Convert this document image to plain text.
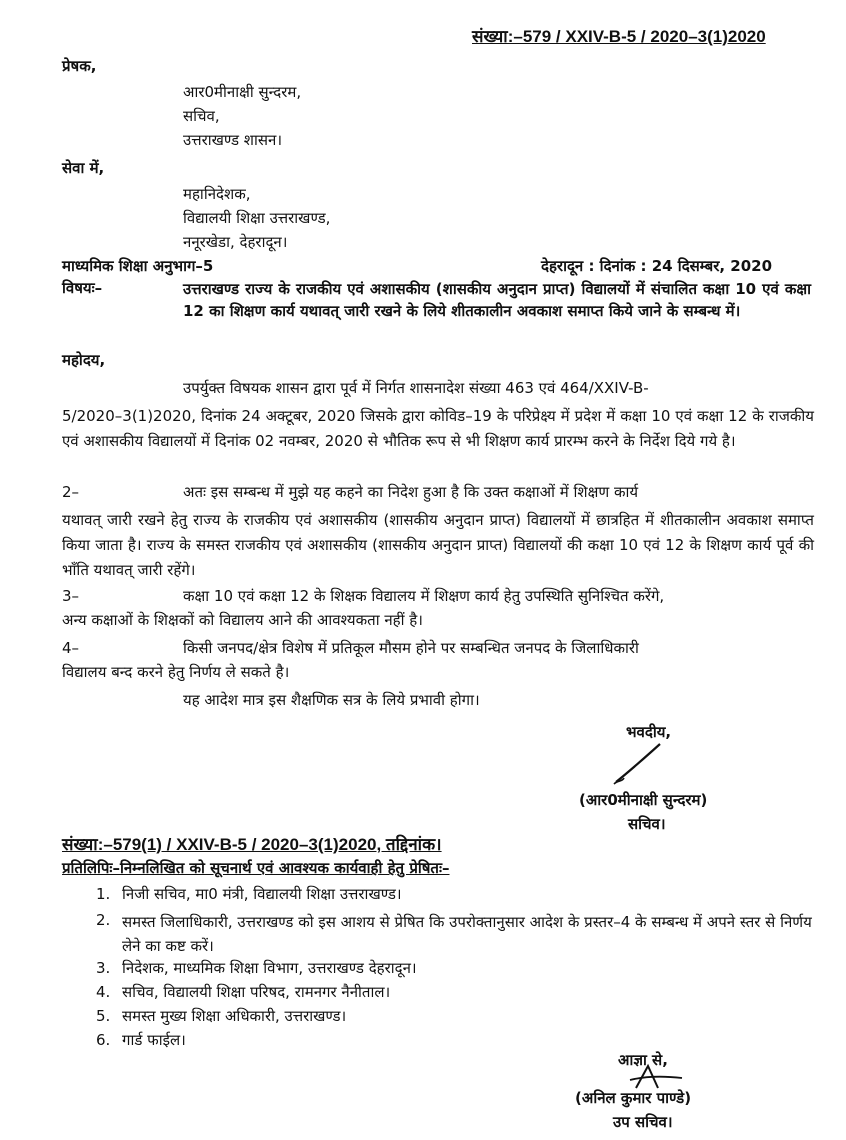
संख्या:–579 / XXIV-B-5 / 2020–3(1)2020
प्रेषक,
आर0मीनाक्षी सुन्दरम,
सचिव,
उत्तराखण्ड शासन।
सेवा में,
महानिदेशक,
विद्यालयी शिक्षा उत्तराखण्ड,
ननूरखेडा, देहरादून।
माध्यमिक शिक्षा अनुभाग–5	देहरादून : दिनांक : 24 दिसम्बर, 2020
विषयः–	उत्तराखण्ड राज्य के राजकीय एवं अशासकीय (शासकीय अनुदान प्राप्त) विद्यालयों में संचालित कक्षा 10 एवं कक्षा 12 का शिक्षण कार्य यथावत् जारी रखने के लिये शीतकालीन अवकाश समाप्त किये जाने के सम्बन्ध में।
महोदय,
उपर्युक्त विषयक शासन द्वारा पूर्व में निर्गत शासनादेश संख्या 463 एवं 464/XXIV-B-
5/2020–3(1)2020, दिनांक 24 अक्टूबर, 2020 जिसके द्वारा कोविड–19 के परिप्रेक्ष्य में प्रदेश में कक्षा 10 एवं कक्षा 12 के राजकीय एवं अशासकीय विद्यालयों में दिनांक 02 नवम्बर, 2020 से भौतिक रूप से भी शिक्षण कार्य प्रारम्भ करने के निर्देश दिये गये है।
2–	अतः इस सम्बन्ध में मुझे यह कहने का निदेश हुआ है कि उक्त कक्षाओं में शिक्षण कार्य
यथावत् जारी रखने हेतु राज्य के राजकीय एवं अशासकीय (शासकीय अनुदान प्राप्त) विद्यालयों में छात्रहित में शीतकालीन अवकाश समाप्त किया जाता है। राज्य के समस्त राजकीय एवं अशासकीय (शासकीय अनुदान प्राप्त) विद्यालयों की कक्षा 10 एवं 12 के शिक्षण कार्य पूर्व की भाँति यथावत् जारी रहेंगे।
3–	कक्षा 10 एवं कक्षा 12 के शिक्षक विद्यालय में शिक्षण कार्य हेतु उपस्थिति सुनिश्चित करेंगे,
अन्य कक्षाओं के शिक्षकों को विद्यालय आने की आवश्यकता नहीं है।
4–	किसी जनपद/क्षेत्र विशेष में प्रतिकूल मौसम होने पर सम्बन्धित जनपद के जिलाधिकारी
विद्यालय बन्द करने हेतु निर्णय ले सकते है।
यह आदेश मात्र इस शैक्षणिक सत्र के लिये प्रभावी होगा।
भवदीय,
(आर0मीनाक्षी सुन्दरम)
सचिव।
संख्या:–579(1) / XXIV-B-5 / 2020–3(1)2020, तद्दिनांक।
प्रतिलिपिः–निम्नलिखित को सूचनार्थ एवं आवश्यक कार्यवाही हेतु प्रेषितः–
1. निजी सचिव, मा0 मंत्री, विद्यालयी शिक्षा उत्तराखण्ड।
2. समस्त जिलाधिकारी, उत्तराखण्ड को इस आशय से प्रेषित कि उपरोक्तानुसार आदेश के प्रस्तर–4 के सम्बन्ध में अपने स्तर से निर्णय लेने का कष्ट करें।
3. निदेशक, माध्यमिक शिक्षा विभाग, उत्तराखण्ड देहरादून।
4. सचिव, विद्यालयी शिक्षा परिषद, रामनगर नैनीताल।
5. समस्त मुख्य शिक्षा अधिकारी, उत्तराखण्ड।
6. गार्ड फाईल।
आज्ञा से,
(अनिल कुमार पाण्डे)
उप सचिव।
